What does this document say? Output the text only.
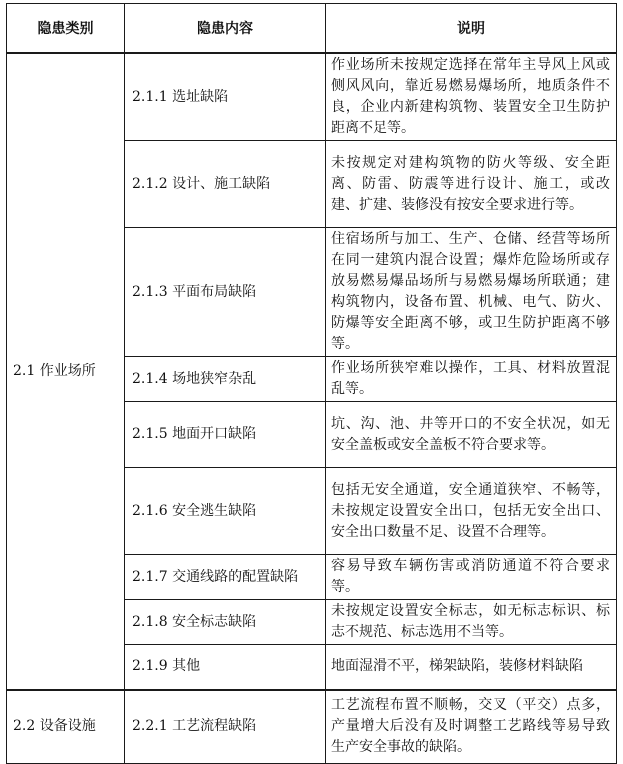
隐患类别	隐患内容	说明
2.1 作业场所	2.1.1 选址缺陷	作业场所未按规定选择在常年主导风上风或侧风风向，靠近易燃易爆场所，地质条件不良，企业内新建构筑物、装置安全卫生防护距离不足等。
	2.1.2 设计、施工缺陷	未按规定对建构筑物的防火等级、安全距离、防雷、防震等进行设计、施工，或改建、扩建、装修没有按安全要求进行等。
	2.1.3 平面布局缺陷	住宿场所与加工、生产、仓储、经营等场所在同一建筑内混合设置；爆炸危险场所或存放易燃易爆品场所与易燃易爆场所联通；建构筑物内，设备布置、机械、电气、防火、防爆等安全距离不够，或卫生防护距离不够等。
	2.1.4 场地狭窄杂乱	作业场所狭窄难以操作，工具、材料放置混乱等。
	2.1.5 地面开口缺陷	坑、沟、池、井等开口的不安全状况，如无安全盖板或安全盖板不符合要求等。
	2.1.6 安全逃生缺陷	包括无安全通道，安全通道狭窄、不畅等，未按规定设置安全出口，包括无安全出口、安全出口数量不足、设置不合理等。
	2.1.7 交通线路的配置缺陷	容易导致车辆伤害或消防通道不符合要求等。
	2.1.8 安全标志缺陷	未按规定设置安全标志，如无标志标识、标志不规范、标志选用不当等。
	2.1.9 其他	地面湿滑不平，梯架缺陷，装修材料缺陷
2.2 设备设施	2.2.1 工艺流程缺陷	工艺流程布置不顺畅，交叉（平交）点多，产量增大后没有及时调整工艺路线等易导致生产安全事故的缺陷。
